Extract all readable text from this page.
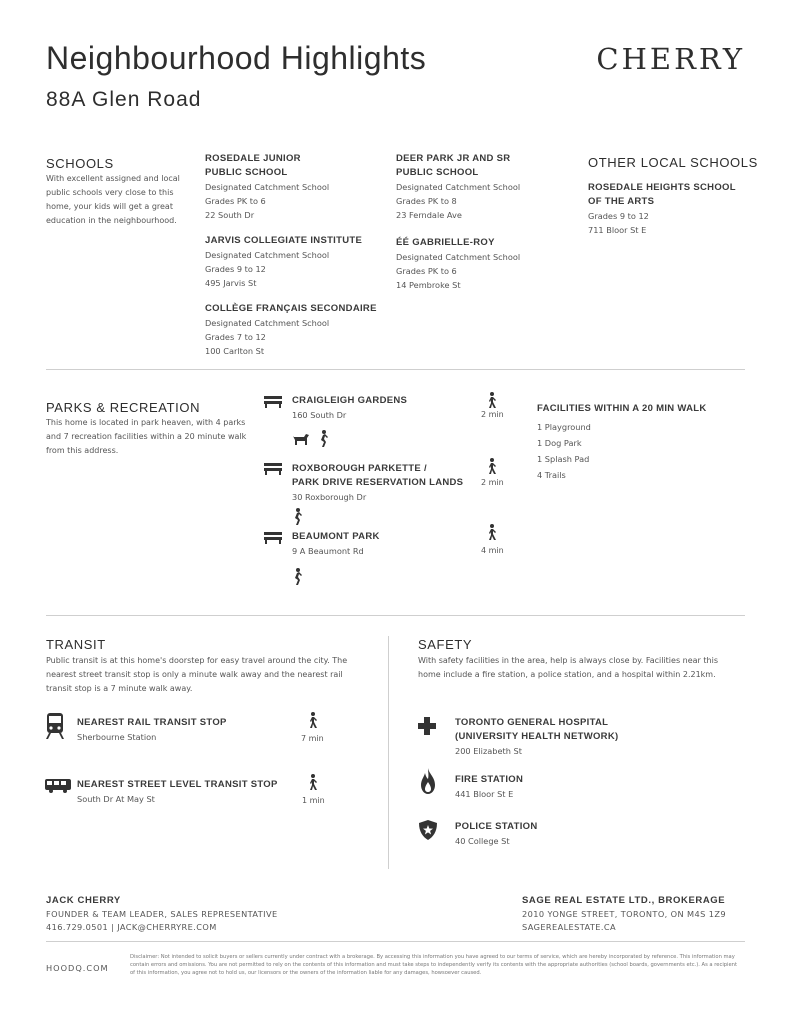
Neighbourhood Highlights
88A Glen Road
CHERRY
SCHOOLS
With excellent assigned and local public schools very close to this home, your kids will get a great education in the neighbourhood.
ROSEDALE JUNIOR
PUBLIC SCHOOL
Designated Catchment School
Grades PK to 6
22 South Dr
JARVIS COLLEGIATE INSTITUTE
Designated Catchment School
Grades 9 to 12
495 Jarvis St
COLLÈGE FRANÇAIS SECONDAIRE
Designated Catchment School
Grades 7 to 12
100 Carlton St
DEER PARK JR AND SR
PUBLIC SCHOOL
Designated Catchment School
Grades PK to 8
23 Ferndale Ave
ÉÉ GABRIELLE-ROY
Designated Catchment School
Grades PK to 6
14 Pembroke St
OTHER LOCAL SCHOOLS
ROSEDALE HEIGHTS SCHOOL
OF THE ARTS
Grades 9 to 12
711 Bloor St E
PARKS & RECREATION
This home is located in park heaven, with 4 parks and 7 recreation facilities within a 20 minute walk from this address.
CRAIGLEIGH GARDENS
160 South Dr	2 min
ROXBOROUGH PARKETTE /
PARK DRIVE RESERVATION LANDS
30 Roxborough Dr
2 min
BEAUMONT PARK
9 A Beaumont Rd	4 min
FACILITIES WITHIN A 20 MIN WALK
1 Playground
1 Dog Park
1 Splash Pad
4 Trails
TRANSIT
Public transit is at this home's doorstep for easy travel around the city. The nearest street transit stop is only a minute walk away and the nearest rail transit stop is a 7 minute walk away.
NEAREST RAIL TRANSIT STOP
Sherbourne Station	7 min
NEAREST STREET LEVEL TRANSIT STOP
South Dr At May St	1 min
SAFETY
With safety facilities in the area, help is always close by. Facilities near this home include a fire station, a police station, and a hospital within 2.21km.
TORONTO GENERAL HOSPITAL
(UNIVERSITY HEALTH NETWORK)
200 Elizabeth St
FIRE STATION
441 Bloor St E
POLICE STATION
40 College St
JACK CHERRY
FOUNDER & TEAM LEADER, SALES REPRESENTATIVE
416.729.0501 | JACK@CHERRYRE.COM
SAGE REAL ESTATE LTD., BROKERAGE
2010 YONGE STREET, TORONTO, ON M4S 1Z9
SAGEREALESTATE.CA
HOODQ.COM
Disclaimer: Not intended to solicit buyers or sellers currently under contract with a brokerage. By accessing this information you have agreed to our terms of service, which are hereby incorporated by reference. This information may contain errors and omissions. You are not permitted to rely on the contents of this information and must take steps to independently verify its contents with the appropriate authorities (school boards, governments etc.). As a recipient of this information, you agree not to hold us, our licensors or the owners of the information liable for any damages, howsoever caused.
